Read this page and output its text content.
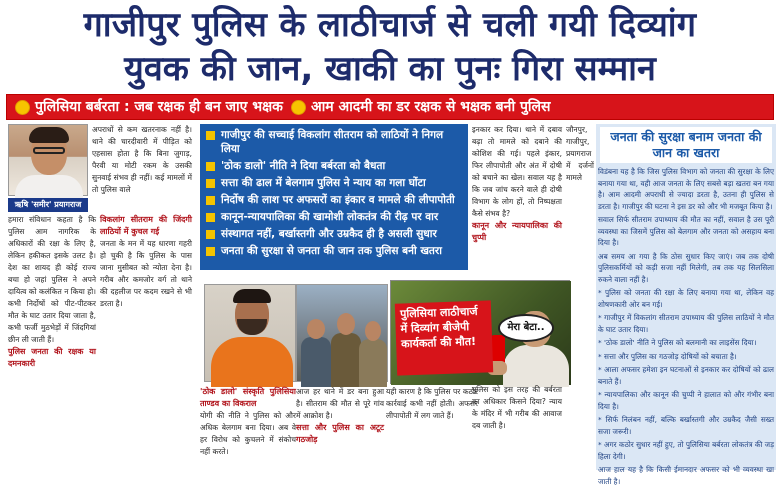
गाजीपुर पुलिस के लाठीचार्ज से चली गयी दिव्यांग
युवक की जान, खाकी का पुनः गिरा सम्मान
पुलिसिया बर्बरता : जब रक्षक ही बन जाए भक्षक आम आदमी का डर रक्षक से भक्षक बनी पुलिस
ऋषि 'समीर' प्रयागराज
अपराधों से कम खतरनाक नहीं है। थाने की चारदीवारी में पीड़ित को एहसास होता है कि बिना जुगाड़, पैरवी या मोटी रकम के उसकी सुनवाई संभव ही नहीं। कई मामलों में तो पुलिस वाले
हमारा संविधान कहता है कि पुलिस आम नागरिक के अधिकारों की रक्षा के लिए है, लेकिन हकीकत इसके उलट है। देश का शायद ही कोई राज्य बचा हो जहां पुलिस ने अपने दायित्व को कलंकित न किया हो। कभी निर्दोषों को पीट-पीटकर मौत के घाट उतार दिया जाता है, कभी फर्जी मुठभेड़ों में जिंदगियां छीन ली जाती हैं।
पुलिस जनता की रक्षक या दमनकारी
विकलांग सीतराम की जिंदगी लाठियों में कुचल गई
जनता के मन में यह धारणा गहरी हो चुकी है कि पुलिस के पास जाना मुसीबत को न्योता देना है। गरीब और कमजोर वर्ग तो थाने की दहलीज पर कदम रखने से भी डरता है।
गाजीपुर की सच्चाई विकलांग सीतराम को लाठियों ने निगल लिया
'ठोक डालो' नीति ने दिया बर्बरता को बैधता
सत्ता की ढाल में बेलगाम पुलिस ने न्याय का गला घोंटा
निर्दोष की लाश पर अफसरों का इंकार व मामले की लीपापोती
कानून-न्यायपालिका की खामोशी लोकतंत्र की रीढ़ पर वार
संस्थागत नहीं, बर्खास्तगी और उम्रकैद ही है असली सुधार
जनता की सुरक्षा से जनता की जान तक पुलिस बनी खतरा
इनकार कर दिया। थाने में दबाव बढ़ा तो मामले को दबाने की कोशिश की गई। पहले इंकार, फिर लीपापोती और अंत में दोषी को बचाने का खेल। सवाल यह है कि जब जांच करने वाले ही दोषी विभाग के लोग हों, तो निष्पक्षता कैसे संभव है?
कानून और न्यायपालिका की चुप्पी
पुलिसिया लाठीचार्ज में दिव्यांग बीजेपी कार्यकर्ता की मौत!
मेरा बेटा..
'ठोक डालो' संस्कृति पुलिसिया ताण्डव का विकराल
योगी की नीति ने पुलिस को और अधिक बेलगाम बना दिया। अब वे हर विरोध को कुचलने में संकोच नहीं करते।
आज हर थाने में डर बना हुआ है। सीतराम की मौत से पूरे गांव में आक्रोश है।
सत्ता और पुलिस का अटूट गठजोड़
यही कारण है कि पुलिस पर कठोर कार्रवाई कभी नहीं होती। अफसर लीपापोती में लग जाते हैं।
पुलिस को इस तरह की बर्बरता का अधिकार किसने दिया? न्याय के मंदिर में भी गरीब की आवाज दब जाती है।
जौनपुर, गाजीपुर, प्रयागराज में दर्जनों मामले
जनता की सुरक्षा बनाम जनता की जान का खतरा

विडंबना यह है कि जिस पुलिस विभाग को जनता की सुरक्षा के लिए बनाया गया था, वही आज जनता के लिए सबसे बड़ा खतरा बन गया है। आम आदमी अपराधी से ज्यादा डरता है, उतना ही पुलिस से डरता है। गाजीपुर की घटना ने इस डर को और भी मजबूत किया है।

सवाल सिर्फ सीतराम उपाध्याय की मौत का नहीं, सवाल है उस पूरी व्यवस्था का जिसमें पुलिस को बेलगाम और जनता को असहाय बना दिया है।

अब समय आ गया है कि ठोस सुधार किए जाएं। जब तक दोषी पुलिसकर्मियों को कड़ी सजा नहीं मिलेगी, तब तक यह सिलसिला रुकने वाला नहीं है।

* पुलिस को जनता की रक्षा के लिए बनाया गया था, लेकिन वह शोषणकारी ओर बन गई।

* गाजीपुर में विकलांग सीतराम उपाध्याय की पुलिस लाठियों ने मौत के घाट उतार दिया।

* 'ठोक डालो' नीति ने पुलिस को बलमानी का लाइसेंस दिया।

* सत्ता और पुलिस का गठजोड़ दोषियों को बचाता है।

* आला अफसर हमेशा इन घटनाओं से इनकार कर दोषियों को ढाल बनाते हैं।

* न्यायपालिका और कानून की चुप्पी ने हालात को और गंभीर बना दिया है।

* सिर्फ निलंबन नहीं, बल्कि बर्खास्तगी और उम्रकैद जैसी सख्त सजा जरूरी।

* अगर कठोर सुधार नहीं हुए, तो पुलिसिया बर्बरता लोकतंत्र की जड़ हिला देगी।

आज हाल यह है कि किसी ईमानदार अफसर को भी व्यवस्था खा जाती है।
